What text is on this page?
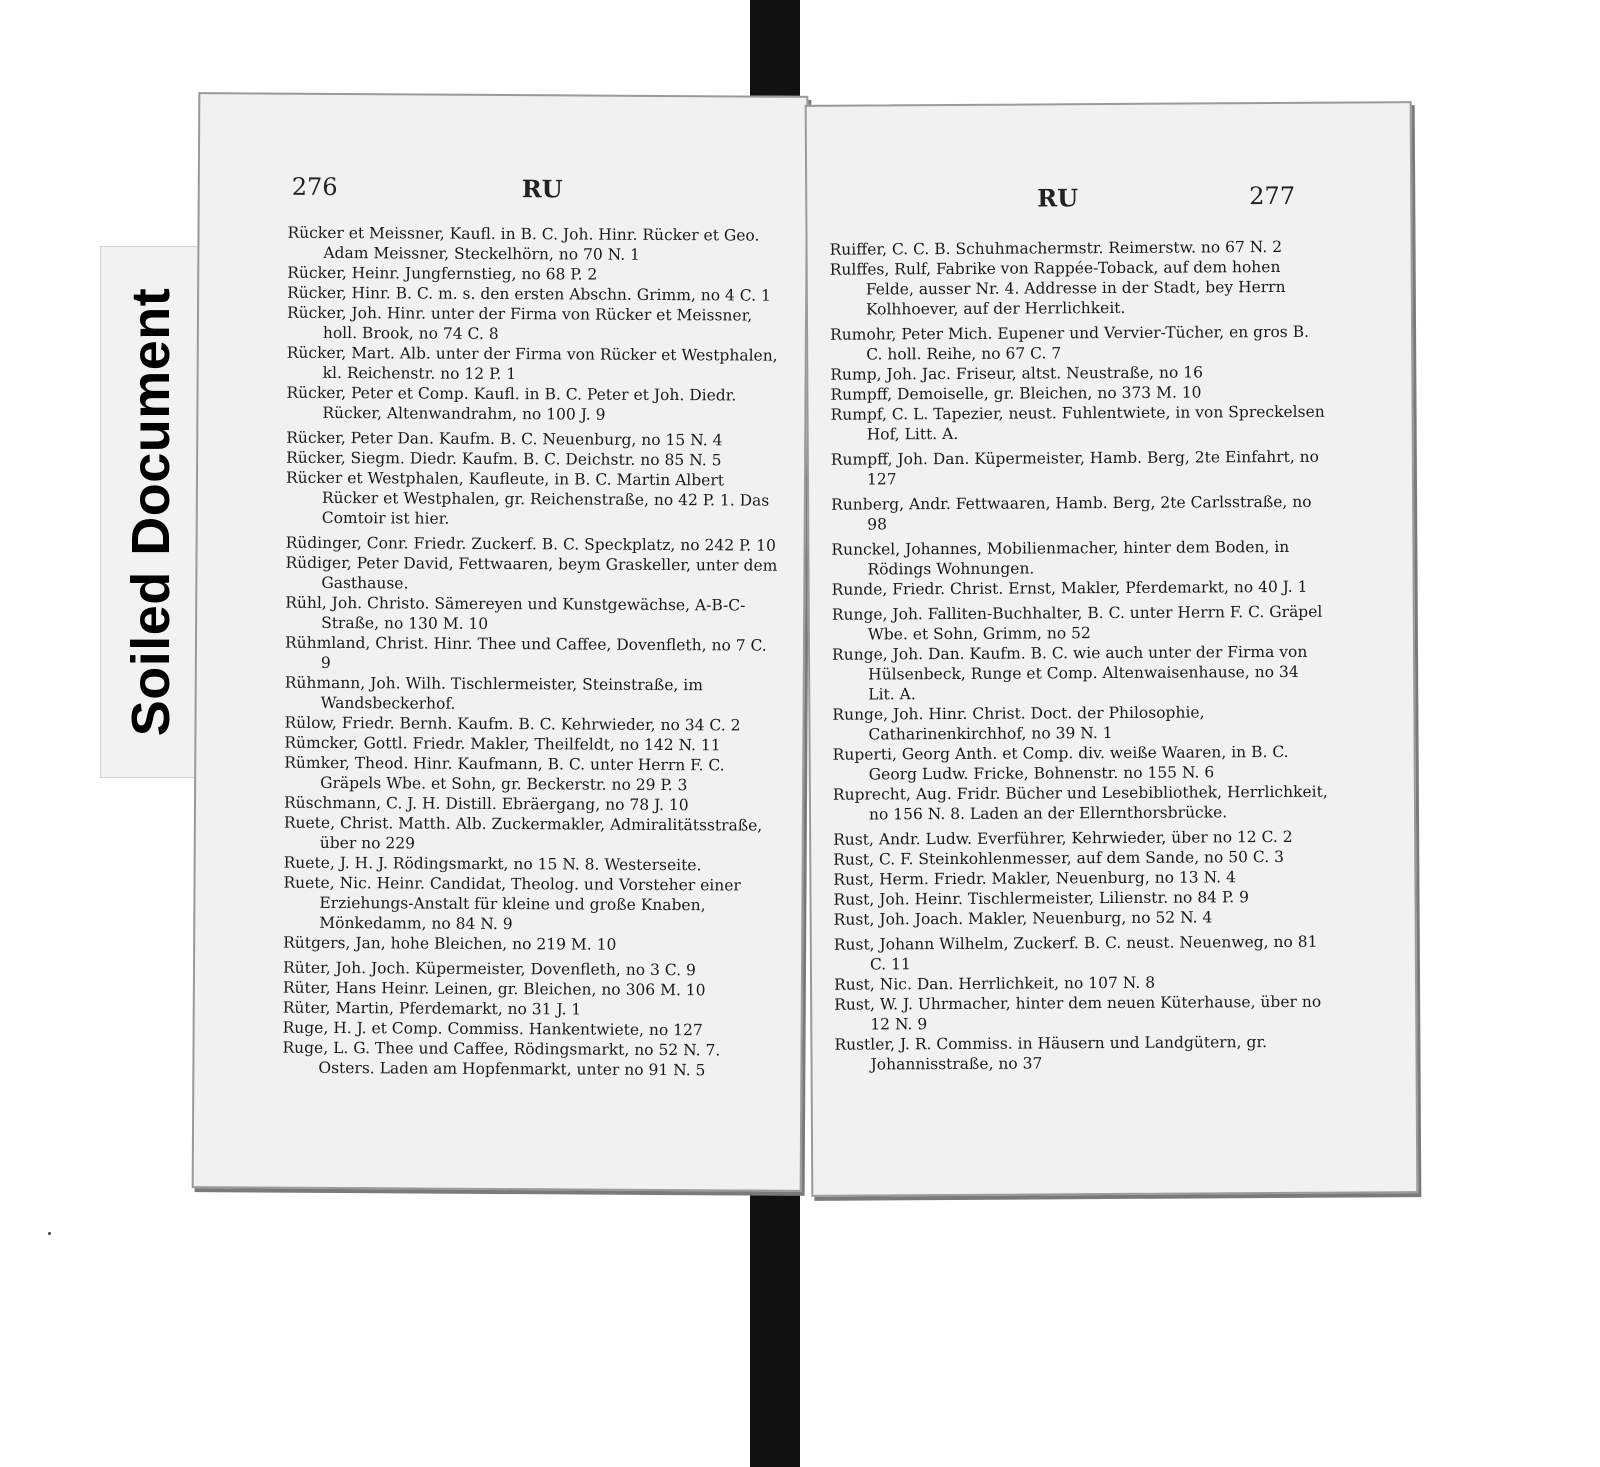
Soiled Document
276	RU
Rücker et Meissner, Kaufl. in B. C. Joh. Hinr. Rücker et Geo. Adam Meissner, Steckelhörn, no 70 N. 1
Rücker, Heinr. Jungfernstieg, no 68 P. 2
Rücker, Hinr. B. C. m. s. den ersten Abschn. Grimm, no 4 C. 1
Rücker, Joh. Hinr. unter der Firma von Rücker et Meissner, holl. Brook, no 74 C. 8
Rücker, Mart. Alb. unter der Firma von Rücker et Westphalen, kl. Reichenstr. no 12 P. 1
Rücker, Peter et Comp. Kaufl. in B. C. Peter et Joh. Diedr. Rücker, Altenwandrahm, no 100 J. 9
Rücker, Peter Dan. Kaufm. B. C. Neuenburg, no 15 N. 4
Rücker, Siegm. Diedr. Kaufm. B. C. Deichstr. no 85 N. 5
Rücker et Westphalen, Kaufleute, in B. C. Martin Albert Rücker et Westphalen, gr. Reichenstraße, no 42 P. 1. Das Comtoir ist hier.
Rüdinger, Conr. Friedr. Zuckerf. B. C. Speckplatz, no 242 P. 10
Rüdiger, Peter David, Fettwaaren, beym Graskeller, unter dem Gasthause.
Rühl, Joh. Christo. Sämereyen und Kunstgewächse, A-B-C-Straße, no 130 M. 10
Rühmland, Christ. Hinr. Thee und Caffee, Dovenfleth, no 7 C. 9
Rühmann, Joh. Wilh. Tischlermeister, Steinstraße, im Wandsbeckerhof.
Rülow, Friedr. Bernh. Kaufm. B. C. Kehrwieder, no 34 C. 2
Rümcker, Gottl. Friedr. Makler, Theilfeldt, no 142 N. 11
Rümker, Theod. Hinr. Kaufmann, B. C. unter Herrn F. C. Gräpels Wbe. et Sohn, gr. Beckerstr. no 29 P. 3
Rüschmann, C. J. H. Distill. Ebräergang, no 78 J. 10
Ruete, Christ. Matth. Alb. Zuckermakler, Admiralitätsstraße, über no 229
Ruete, J. H. J. Rödingsmarkt, no 15 N. 8. Westerseite.
Ruete, Nic. Heinr. Candidat, Theolog. und Vorsteher einer Erziehungs-Anstalt für kleine und große Knaben, Mönkedamm, no 84 N. 9
Rütgers, Jan, hohe Bleichen, no 219 M. 10
Rüter, Joh. Joch. Küpermeister, Dovenfleth, no 3 C. 9
Rüter, Hans Heinr. Leinen, gr. Bleichen, no 306 M. 10
Rüter, Martin, Pferdemarkt, no 31 J. 1
Ruge, H. J. et Comp. Commiss. Hankentwiete, no 127
Ruge, L. G. Thee und Caffee, Rödingsmarkt, no 52 N. 7. Osters. Laden am Hopfenmarkt, unter no 91 N. 5
RU	277
Ruiffer, C. C. B. Schuhmachermstr. Reimerstw. no 67 N. 2
Rulffes, Rulf, Fabrike von Rappée-Toback, auf dem hohen Felde, ausser Nr. 4. Addresse in der Stadt, bey Herrn Kolhhoever, auf der Herrlichkeit.
Rumohr, Peter Mich. Eupener und Vervier-Tücher, en gros B. C. holl. Reihe, no 67 C. 7
Rump, Joh. Jac. Friseur, altst. Neustraße, no 16
Rumpff, Demoiselle, gr. Bleichen, no 373 M. 10
Rumpf, C. L. Tapezier, neust. Fuhlentwiete, in von Spreckelsen Hof, Litt. A.
Rumpff, Joh. Dan. Küpermeister, Hamb. Berg, 2te Einfahrt, no 127
Runberg, Andr. Fettwaaren, Hamb. Berg, 2te Carlsstraße, no 98
Runckel, Johannes, Mobilienmacher, hinter dem Boden, in Rödings Wohnungen.
Runde, Friedr. Christ. Ernst, Makler, Pferdemarkt, no 40 J. 1
Runge, Joh. Falliten-Buchhalter, B. C. unter Herrn F. C. Gräpel Wbe. et Sohn, Grimm, no 52
Runge, Joh. Dan. Kaufm. B. C. wie auch unter der Firma von Hülsenbeck, Runge et Comp. Altenwaisenhause, no 34 Lit. A.
Runge, Joh. Hinr. Christ. Doct. der Philosophie, Catharinenkirchhof, no 39 N. 1
Ruperti, Georg Anth. et Comp. div. weiße Waaren, in B. C. Georg Ludw. Fricke, Bohnenstr. no 155 N. 6
Ruprecht, Aug. Fridr. Bücher und Lesebibliothek, Herrlichkeit, no 156 N. 8. Laden an der Ellernthorsbrücke.
Rust, Andr. Ludw. Everführer, Kehrwieder, über no 12 C. 2
Rust, C. F. Steinkohlenmesser, auf dem Sande, no 50 C. 3
Rust, Herm. Friedr. Makler, Neuenburg, no 13 N. 4
Rust, Joh. Heinr. Tischlermeister, Lilienstr. no 84 P. 9
Rust, Joh. Joach. Makler, Neuenburg, no 52 N. 4
Rust, Johann Wilhelm, Zuckerf. B. C. neust. Neuenweg, no 81 C. 11
Rust, Nic. Dan. Herrlichkeit, no 107 N. 8
Rust, W. J. Uhrmacher, hinter dem neuen Küterhause, über no 12 N. 9
Rustler, J. R. Commiss. in Häusern und Landgütern, gr. Johannisstraße, no 37
